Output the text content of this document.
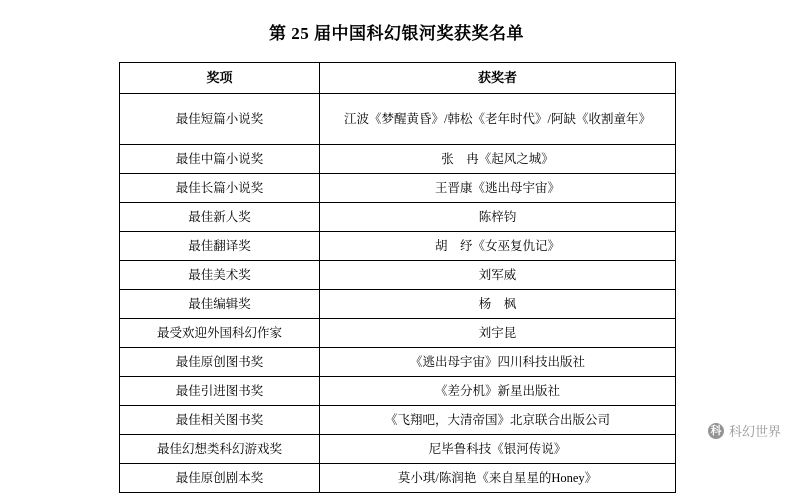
第 25 届中国科幻银河奖获奖名单
奖项	获奖者
最佳短篇小说奖	江波《梦醒黄昏》/韩松《老年时代》/阿缺《收割童年》
最佳中篇小说奖	张　冉《起风之城》
最佳长篇小说奖	王晋康《逃出母宇宙》
最佳新人奖	陈梓钧
最佳翻译奖	胡　纾《女巫复仇记》
最佳美术奖	刘军威
最佳编辑奖	杨　枫
最受欢迎外国科幻作家	刘宇昆
最佳原创图书奖	《逃出母宇宙》四川科技出版社
最佳引进图书奖	《差分机》新星出版社
最佳相关图书奖	《飞翔吧，大清帝国》北京联合出版公司
最佳幻想类科幻游戏奖	尼毕鲁科技《银河传说》
最佳原创剧本奖	莫小琪/陈润艳《来自星星的Honey》
科 科幻世界
